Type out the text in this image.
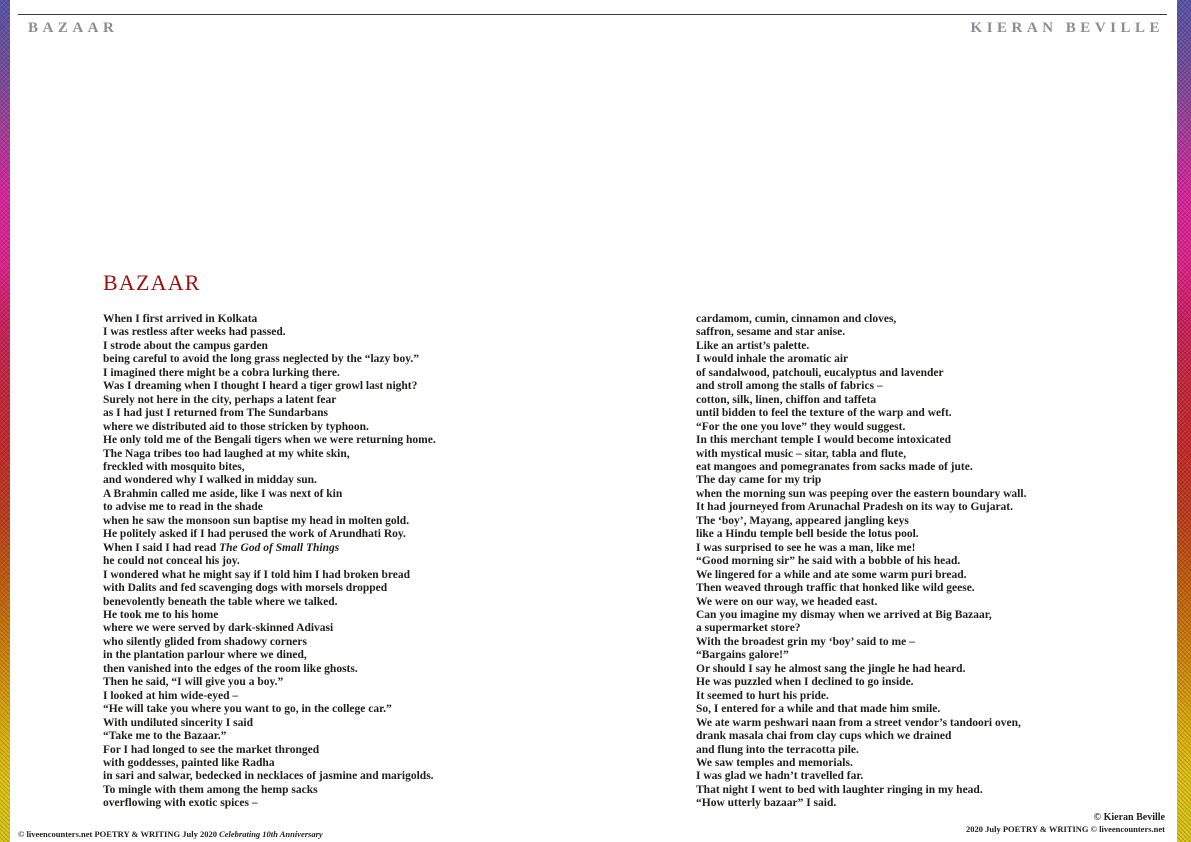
BAZAAR	KIERAN BEVILLE
BAZAAR
When I first arrived in Kolkata
I was restless after weeks had passed.
I strode about the campus garden
being careful to avoid the long grass neglected by the “lazy boy.”
I imagined there might be a cobra lurking there.
Was I dreaming when I thought I heard a tiger growl last night?
Surely not here in the city, perhaps a latent fear
as I had just I returned from The Sundarbans
where we distributed aid to those stricken by typhoon.
He only told me of the Bengali tigers when we were returning home.
The Naga tribes too had laughed at my white skin,
freckled with mosquito bites,
and wondered why I walked in midday sun.
A Brahmin called me aside, like I was next of kin
to advise me to read in the shade
when he saw the monsoon sun baptise my head in molten gold.
He politely asked if I had perused the work of Arundhati Roy.
When I said I had read The God of Small Things
he could not conceal his joy.
I wondered what he might say if I told him I had broken bread
with Dalits and fed scavenging dogs with morsels dropped
benevolently beneath the table where we talked.
He took me to his home
where we were served by dark-skinned Adivasi
who silently glided from shadowy corners
in the plantation parlour where we dined,
then vanished into the edges of the room like ghosts.
Then he said, “I will give you a boy.”
I looked at him wide-eyed –
“He will take you where you want to go, in the college car.”
With undiluted sincerity I said
“Take me to the Bazaar.”
For I had longed to see the market thronged
with goddesses, painted like Radha
in sari and salwar, bedecked in necklaces of jasmine and marigolds.
To mingle with them among the hemp sacks
overflowing with exotic spices –
cardamom, cumin, cinnamon and cloves,
saffron, sesame and star anise.
Like an artist’s palette.
I would inhale the aromatic air
of sandalwood, patchouli, eucalyptus and lavender
and stroll among the stalls of fabrics –
cotton, silk, linen, chiffon and taffeta
until bidden to feel the texture of the warp and weft.
“For the one you love” they would suggest.
In this merchant temple I would become intoxicated
with mystical music – sitar, tabla and flute,
eat mangoes and pomegranates from sacks made of jute.
The day came for my trip
when the morning sun was peeping over the eastern boundary wall.
It had journeyed from Arunachal Pradesh on its way to Gujarat.
The ‘boy’, Mayang, appeared jangling keys
like a Hindu temple bell beside the lotus pool.
I was surprised to see he was a man, like me!
“Good morning sir” he said with a bobble of his head.
We lingered for a while and ate some warm puri bread.
Then weaved through traffic that honked like wild geese.
We were on our way, we headed east.
Can you imagine my dismay when we arrived at Big Bazaar,
a supermarket store?
With the broadest grin my ‘boy’ said to me –
“Bargains galore!”
Or should I say he almost sang the jingle he had heard.
He was puzzled when I declined to go inside.
It seemed to hurt his pride.
So, I entered for a while and that made him smile.
We ate warm peshwari naan from a street vendor’s tandoori oven,
drank masala chai from clay cups which we drained
and flung into the terracotta pile.
We saw temples and memorials.
I was glad we hadn’t travelled far.
That night I went to bed with laughter ringing in my head.
“How utterly bazaar” I said.
© liveencounters.net POETRY & WRITING July 2020 Celebrating 10th Anniversary
© Kieran Beville
2020 July POETRY & WRITING © liveencounters.net
